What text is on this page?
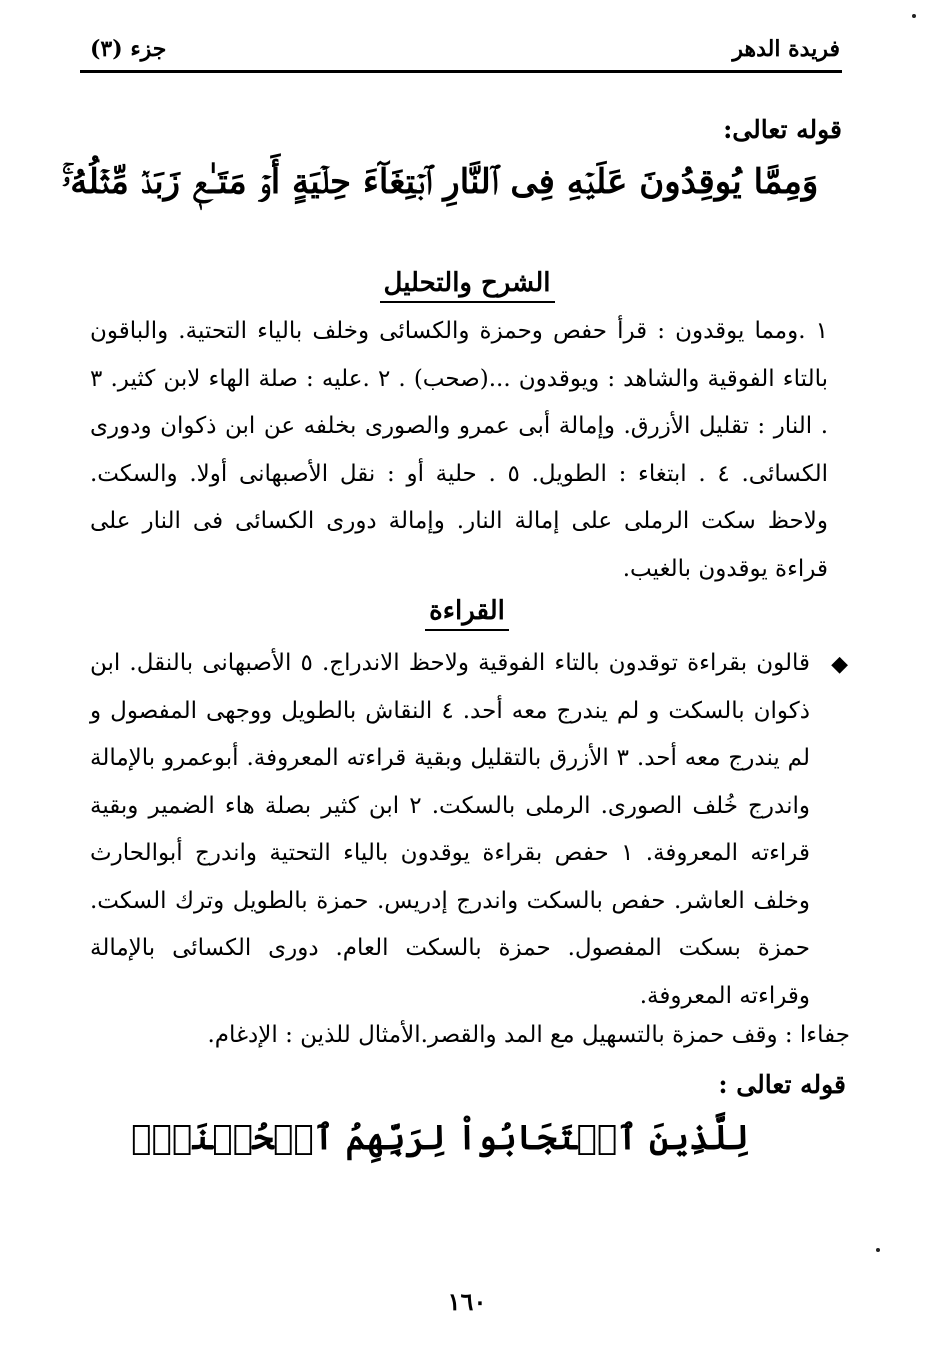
فريدة الدهر
جزء (٣)
قوله تعالى:
وَمِمَّا يُوقِدُونَ عَلَيۡهِ فِى ٱلنَّارِ ٱبۡتِغَآءَ حِلۡيَةٍ أَوۡ مَتَـٰعٖ زَبَدٞ مِّثۡلُهُۥۚ
الشرح والتحليل
١ .ومما يوقدون : قرأ حفص وحمزة والكسائى وخلف بالياء التحتية. والباقون بالتاء الفوقية والشاهد : ويوقدون ...(صحب) . ٢ .عليه : صلة الهاء لابن كثير. ٣ . النار : تقليل الأزرق. وإمالة أبى عمرو والصورى بخلفه عن ابن ذكوان ودورى الكسائى. ٤ . ابتغاء : الطويل. ٥ . حلية أو : نقل الأصبهانى أولا. والسكت. ولاحظ سكت الرملى على إمالة النار. وإمالة دورى الكسائى فى النار على قراءة يوقدون بالغيب.
القراءة
◆
قالون بقراءة توقدون بالتاء الفوقية ولاحظ الاندراج. ٥ الأصبهانى بالنقل. ابن ذكوان بالسكت و لم يندرج معه أحد. ٤ النقاش بالطويل ووجهى المفصول و لم يندرج معه أحد. ٣ الأزرق بالتقليل وبقية قراءته المعروفة. أبوعمرو بالإمالة واندرج خُلف الصورى. الرملى بالسكت. ٢ ابن كثير بصلة هاء الضمير وبقية قراءته المعروفة. ١ حفص بقراءة يوقدون بالياء التحتية واندرج أبوالحارث وخلف العاشر. حفص بالسكت واندرج إدريس. حمزة بالطويل وترك السكت. حمزة بسكت المفصول. حمزة بالسكت العام. دورى الكسائى بالإمالة وقراءته المعروفة.
جفاءا : وقف حمزة بالتسهيل مع المد والقصر.الأمثال للذين : الإدغام.
قوله تعالى :
لِلَّذِينَ ٱسۡتَجَابُواْ لِرَبِّهِمُ ٱلۡحُسۡنَىٰۚ
١٦٠
